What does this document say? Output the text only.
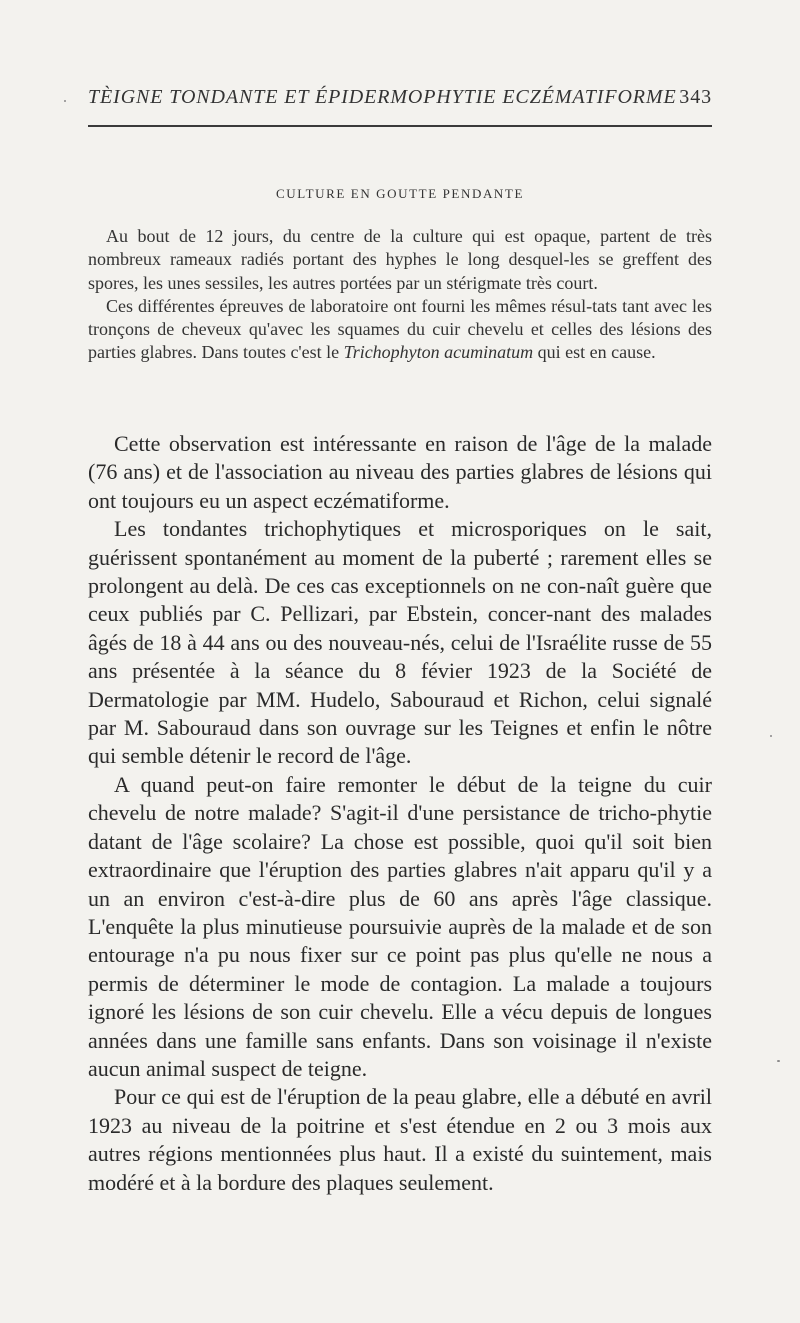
TÈIGNE TONDANTE ET ÉPIDERMOPHYTIE ECZÉMATIFORME 343
CULTURE EN GOUTTE PENDANTE

Au bout de 12 jours, du centre de la culture qui est opaque, partent de très nombreux rameaux radiés portant des hyphes le long desquel-les se greffent des spores, les unes sessiles, les autres portées par un stérigmate très court.

Ces différentes épreuves de laboratoire ont fourni les mêmes résul-tats tant avec les tronçons de cheveux qu'avec les squames du cuir chevelu et celles des lésions des parties glabres. Dans toutes c'est le Trichophyton acuminatum qui est en cause.

Cette observation est intéressante en raison de l'âge de la malade (76 ans) et de l'association au niveau des parties glabres de lésions qui ont toujours eu un aspect eczématiforme.

Les tondantes trichophytiques et microsporiques on le sait, guérissent spontanément au moment de la puberté ; rarement elles se prolongent au delà. De ces cas exceptionnels on ne con-naît guère que ceux publiés par C. Pellizari, par Ebstein, concer-nant des malades âgés de 18 à 44 ans ou des nouveau-nés, celui de l'Israélite russe de 55 ans présentée à la séance du 8 févier 1923 de la Société de Dermatologie par MM. Hudelo, Sabouraud et Richon, celui signalé par M. Sabouraud dans son ouvrage sur les Teignes et enfin le nôtre qui semble détenir le record de l'âge.

A quand peut-on faire remonter le début de la teigne du cuir chevelu de notre malade? S'agit-il d'une persistance de tricho-phytie datant de l'âge scolaire? La chose est possible, quoi qu'il soit bien extraordinaire que l'éruption des parties glabres n'ait apparu qu'il y a un an environ c'est-à-dire plus de 60 ans après l'âge classique. L'enquête la plus minutieuse poursuivie auprès de la malade et de son entourage n'a pu nous fixer sur ce point pas plus qu'elle ne nous a permis de déterminer le mode de contagion. La malade a toujours ignoré les lésions de son cuir chevelu. Elle a vécu depuis de longues années dans une famille sans enfants. Dans son voisinage il n'existe aucun animal suspect de teigne.

Pour ce qui est de l'éruption de la peau glabre, elle a débuté en avril 1923 au niveau de la poitrine et s'est étendue en 2 ou 3 mois aux autres régions mentionnées plus haut. Il a existé du suintement, mais modéré et à la bordure des plaques seulement.
